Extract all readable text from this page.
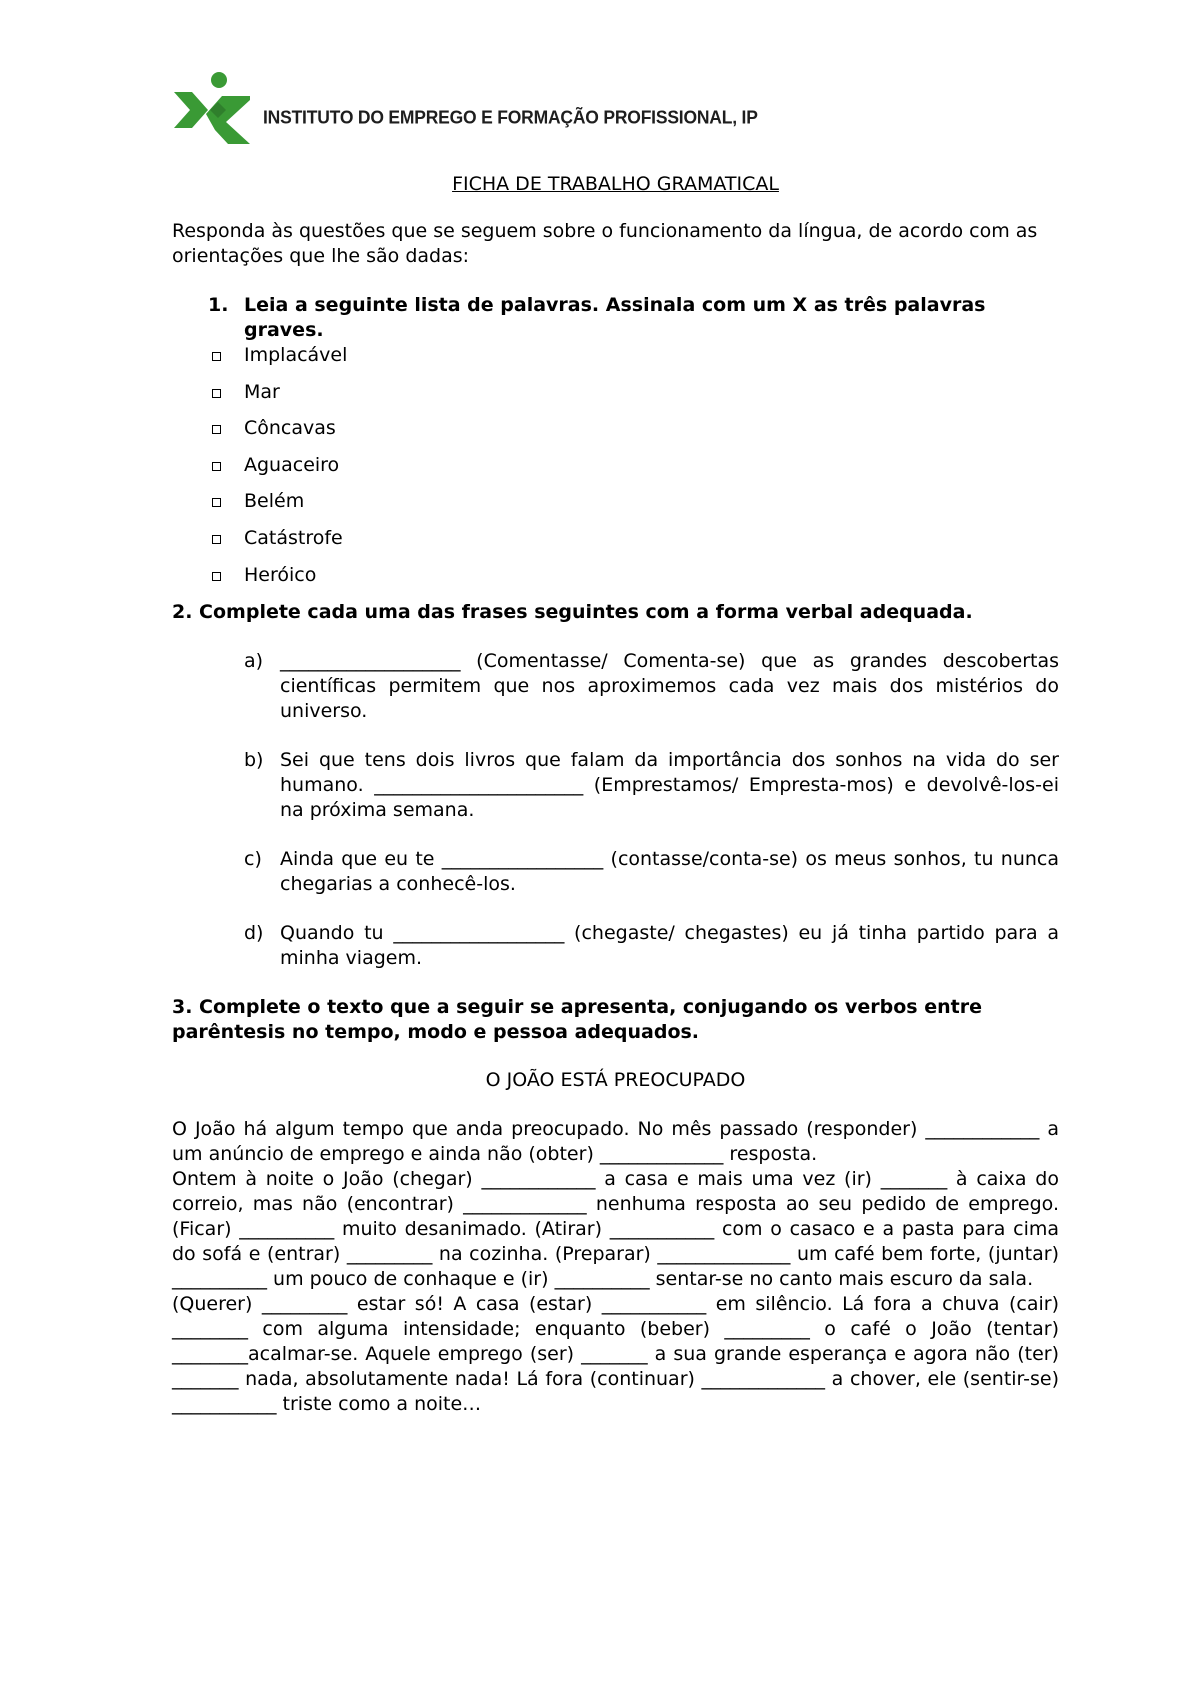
INSTITUTO DO EMPREGO E FORMAÇÃO PROFISSIONAL, IP
FICHA DE TRABALHO GRAMATICAL

Responda às questões que se seguem sobre o funcionamento da língua, de acordo com as orientações que lhe são dadas:

1. Leia a seguinte lista de palavras. Assinala com um X as três palavras graves.
Implacável
Mar
Côncavas
Aguaceiro
Belém
Catástrofe
Heróico

2. Complete cada uma das frases seguintes com a forma verbal adequada.

a) ___________________ (Comentasse/ Comenta-se) que as grandes descobertas científicas permitem que nos aproximemos cada vez mais dos mistérios do universo.
b) Sei que tens dois livros que falam da importância dos sonhos na vida do ser humano. ______________________ (Emprestamos/ Empresta-mos) e devolvê-los-ei na próxima semana.
c) Ainda que eu te _________________ (contasse/conta-se) os meus sonhos, tu nunca chegarias a conhecê-los.
d) Quando tu __________________ (chegaste/ chegastes) eu já tinha partido para a minha viagem.

3. Complete o texto que a seguir se apresenta, conjugando os verbos entre parêntesis no tempo, modo e pessoa adequados.

O JOÃO ESTÁ PREOCUPADO

O João há algum tempo que anda preocupado. No mês passado (responder) ____________ a um anúncio de emprego e ainda não (obter) _____________ resposta.

Ontem à noite o João (chegar) ____________ a casa e mais uma vez (ir) _______ à caixa do correio, mas não (encontrar) _____________ nenhuma resposta ao seu pedido de emprego. (Ficar) __________ muito desanimado. (Atirar) ___________ com o casaco e a pasta para cima do sofá e (entrar) _________ na cozinha. (Preparar) ______________ um café bem forte, (juntar) __________ um pouco de conhaque e (ir) __________ sentar-se no canto mais escuro da sala.

(Querer) _________ estar só! A casa (estar) ___________ em silêncio. Lá fora a chuva (cair) ________ com alguma intensidade; enquanto (beber) _________ o café o João (tentar) ________acalmar-se. Aquele emprego (ser) _______ a sua grande esperança e agora não (ter) _______ nada, absolutamente nada! Lá fora (continuar) _____________ a chover, ele (sentir-se) ___________ triste como a noite…
